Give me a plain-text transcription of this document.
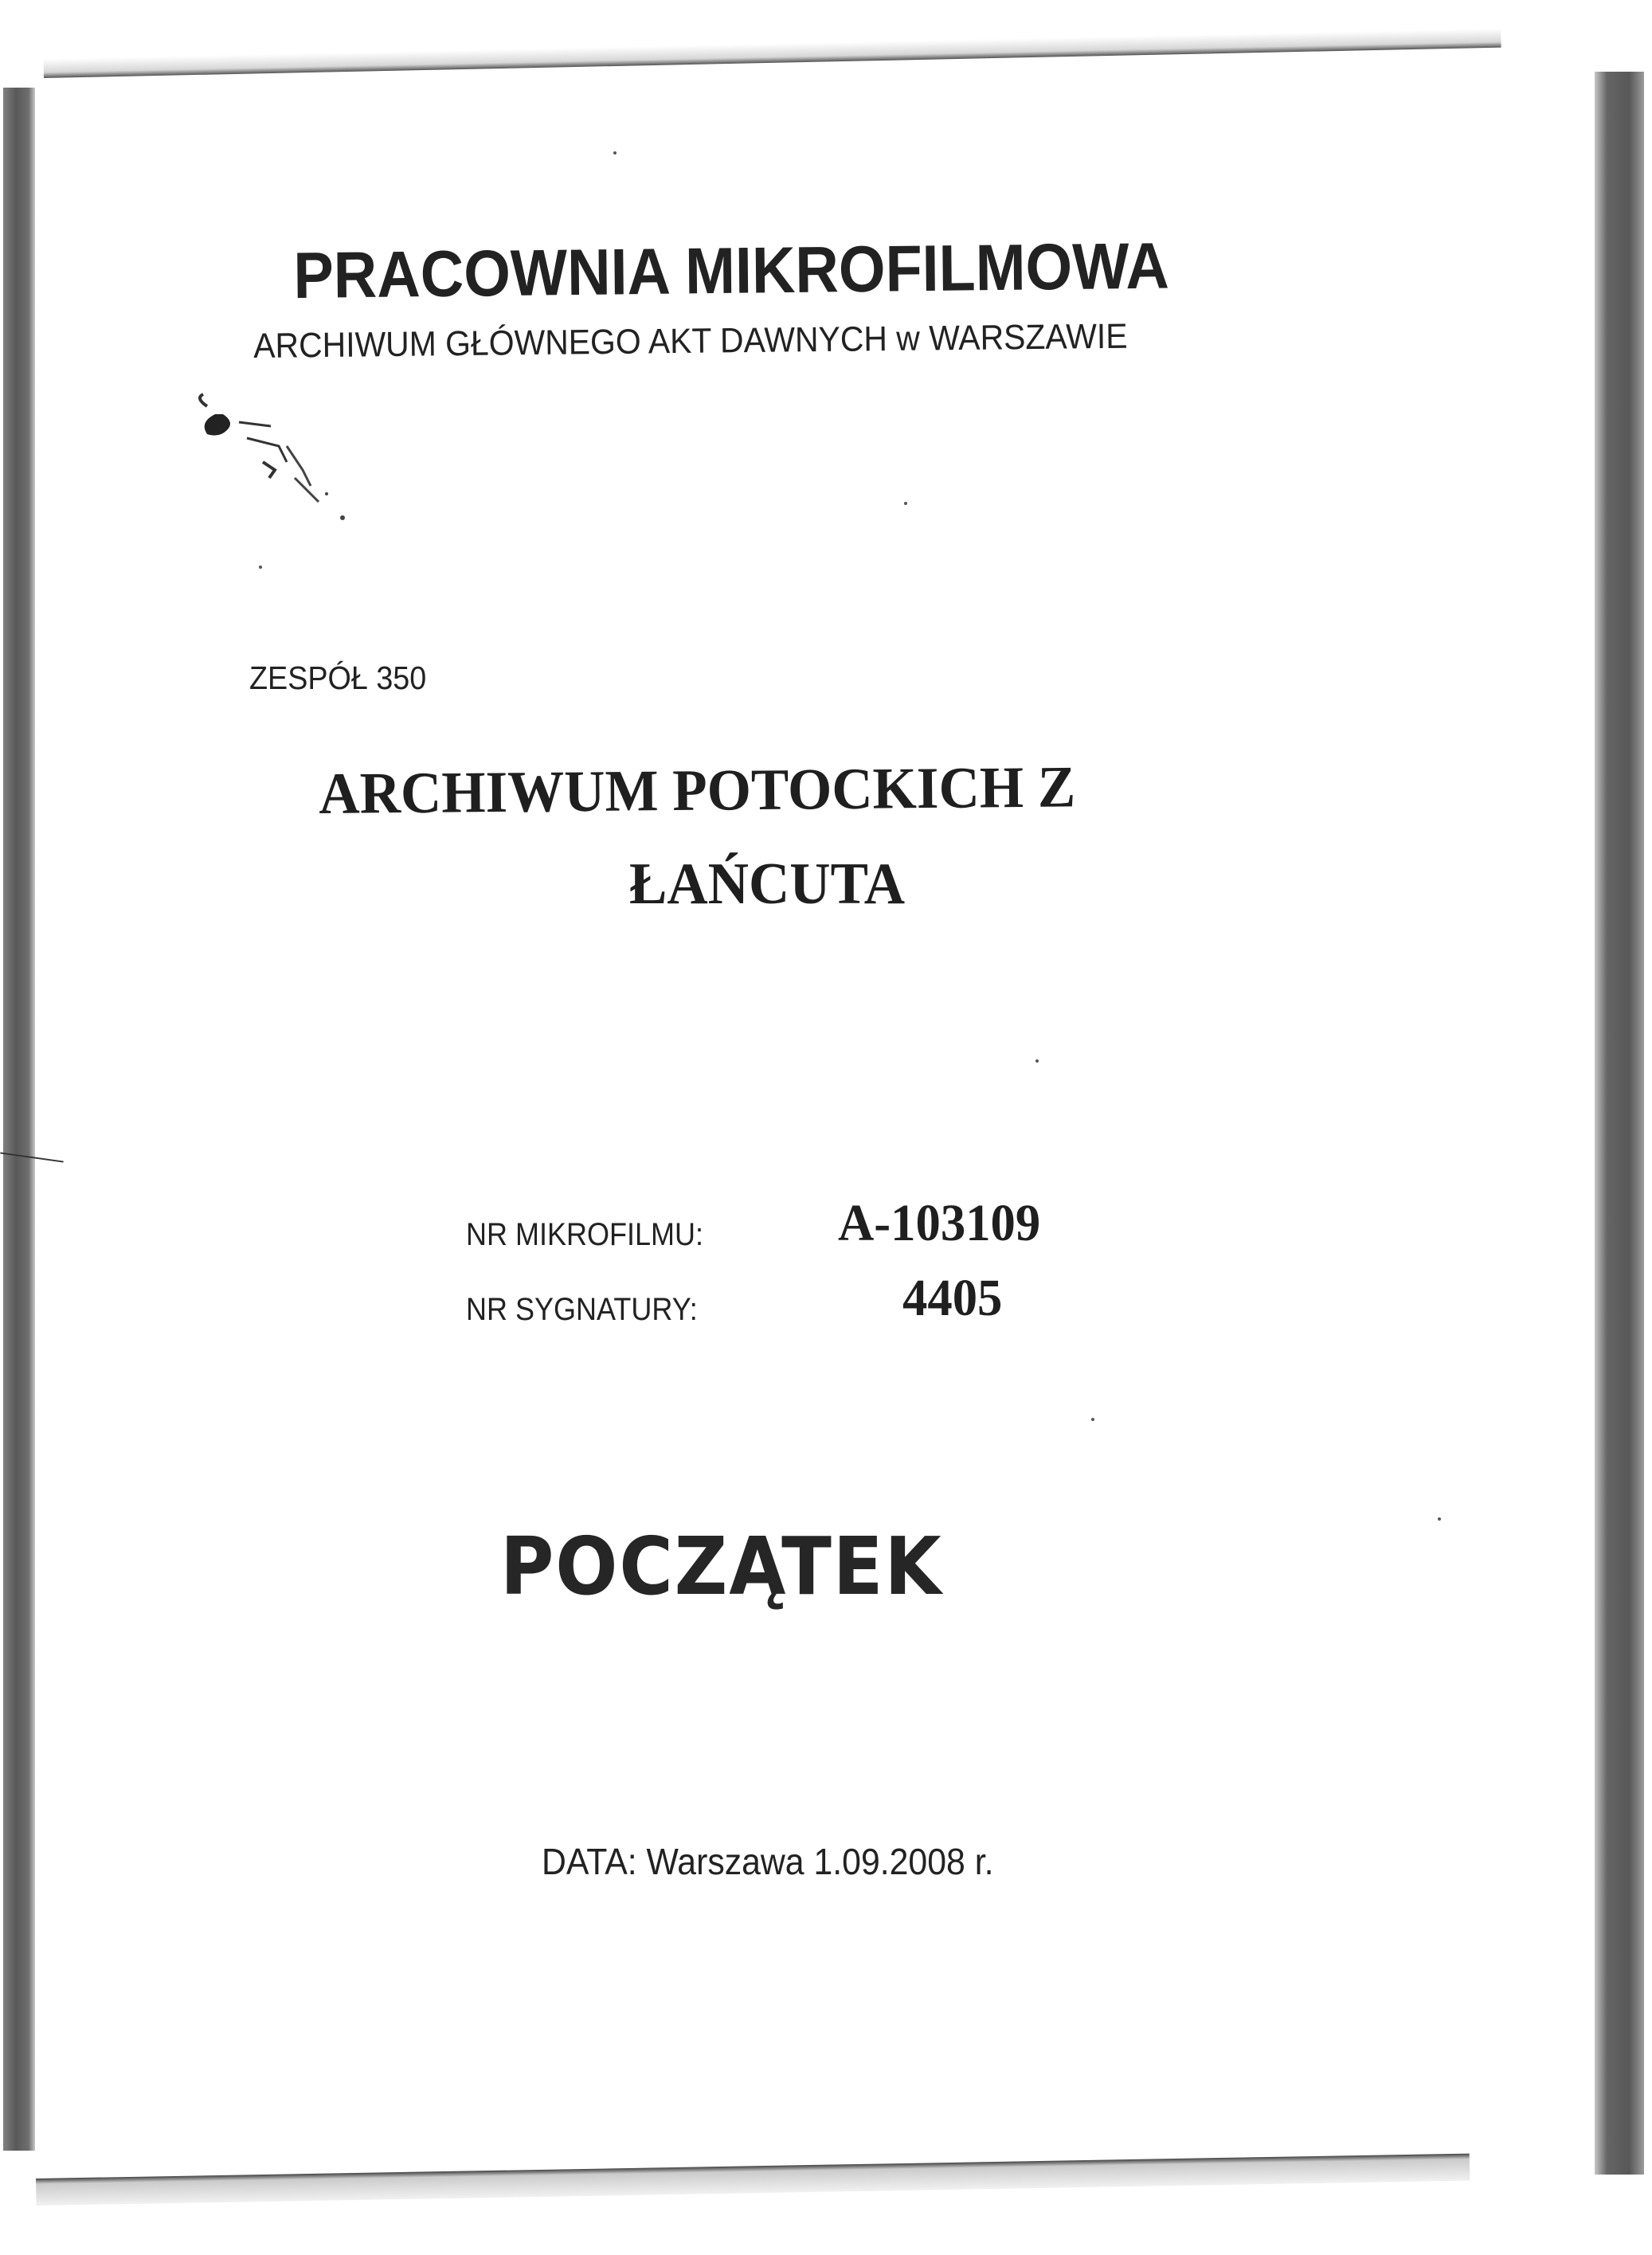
PRACOWNIA MIKROFILMOWA
ARCHIWUM GŁÓWNEGO AKT DAWNYCH w WARSZAWIE
ZESPÓŁ 350
ARCHIWUM POTOCKICH Z
ŁAŃCUTA
NR MIKROFILMU:	A-103109
NR SYGNATURY:	4405
POCZĄTEK
DATA: Warszawa 1.09.2008 r.
